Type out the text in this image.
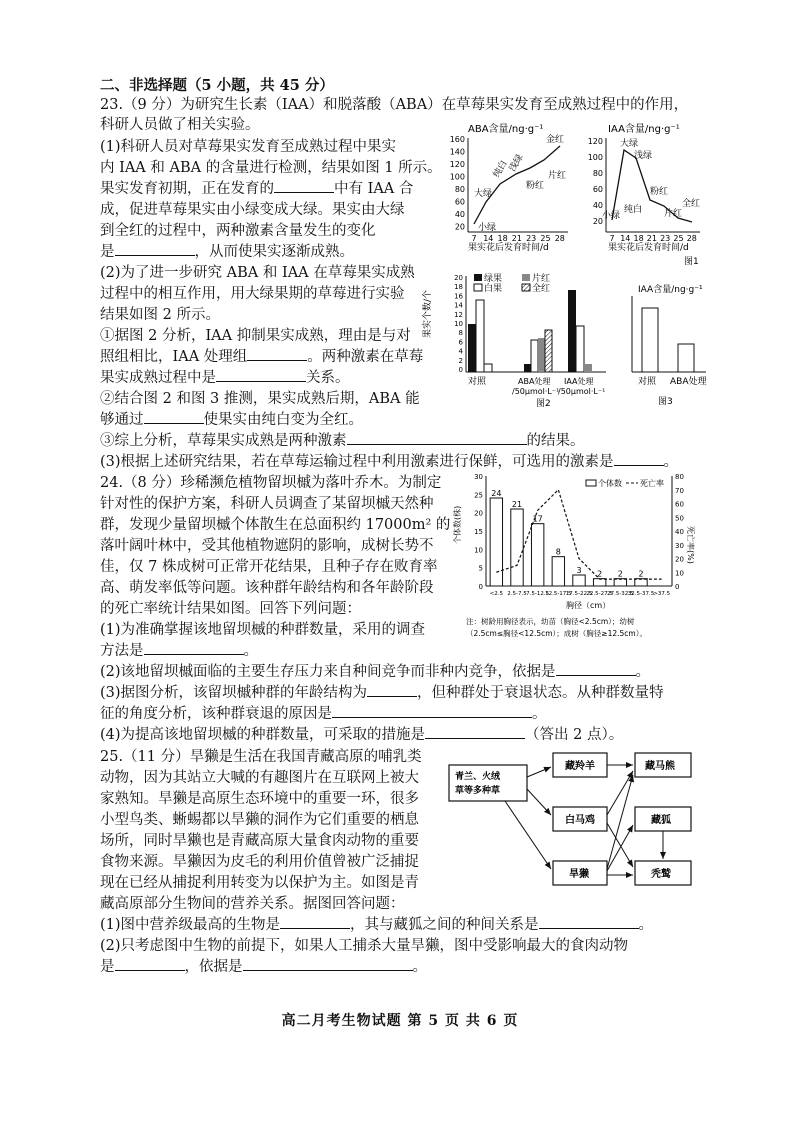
二、非选择题（5 小题，共 45 分）
23.（9 分）为研究生长素（IAA）和脱落酸（ABA）在草莓果实发育至成熟过程中的作用，
科研人员做了相关实验。
(1)科研人员对草莓果实发育至成熟过程中果实
内 IAA 和 ABA 的含量进行检测，结果如图 1 所示。
果实发育初期，正在发育的	中有 IAA 合
成，促进草莓果实由小绿变成大绿。果实由大绿
到全红的过程中，两种激素含量发生的变化
是	，从而使果实逐渐成熟。
(2)为了进一步研究 ABA 和 IAA 在草莓果实成熟
过程中的相互作用，用大绿果期的草莓进行实验
结果如图 2 所示。
①据图 2 分析，IAA 抑制果实成熟，理由是与对
照组相比，IAA 处理组	。两种激素在草莓
果实成熟过程中是	关系。
②结合图 2 和图 3 推测，果实成熟后期，ABA 能
够通过	使果实由纯白变为全红。
③综上分析，草莓果实成熟是两种激素	的结果。
(3)根据上述研究结果，若在草莓运输过程中利用激素进行保鲜，可选用的激素是	。
ABA含量/ng·g⁻¹
160
140
120
100
80
60
40
20
7 14 18 21 23 25 28
小绿
大绿
纯白
浅绿
粉红
片红
金红
果实花后发育时间/d
IAA含量/ng·g⁻¹
120
100
80
60
40
20
7 14 18 21 23 25 28
大绿
浅绿
小绿
纯白
粉红
片红
全红
果实花后发育时间/d
图1
果实个数/个
20
18
16
14
12
10
8
6
4
2
0
绿果
白果
片红
全红
对照	ABA处理
/50μmol·L⁻¹
IAA处理
/50μmol·L⁻¹
图2
IAA含量/ng·g⁻¹
对照 ABA处理
图3
24.（8 分）珍稀濒危植物留坝槭为落叶乔木。为制定
针对性的保护方案，科研人员调查了某留坝槭天然种
群，发现少量留坝槭个体散生在总面积约 17000m² 的
落叶阔叶林中，受其他植物遮阴的影响，成树长势不
佳，仅 7 株成树可正常开花结果，且种子存在败育率
高、萌发率低等问题。该种群年龄结构和各年龄阶段
的死亡率统计结果如图。回答下列问题：
(1)为准确掌握该地留坝槭的种群数量，采用的调查
方法是	。
(2)该地留坝槭面临的主要生存压力来自种间竞争而非种内竞争，依据是	。
(3)据图分析，该留坝槭种群的年龄结构为	，但种群处于衰退状态。从种群数量特
征的角度分析，该种群衰退的原因是	。
(4)为提高该地留坝槭的种群数量，可采取的措施是	（答出 2 点）。
个体数(株)
死亡率(%)
30
25
20
15
10
5
0
80
70
60
50
40
30
20
10
0
24
<2.5
21
2.5-7.5
17
7.5-12.5
8
12.5-17.5
3
17.5-22.5
2
22.5-27.5
2
27.5-32.5
2
32.5-37.5
>37.5
个体数 死亡率
胸径（cm）
注：树龄用胸径表示，幼苗（胸径<2.5cm）；幼树
（2.5cm≤胸径<12.5cm）；成树（胸径≥12.5cm）。
25.（11 分）旱獭是生活在我国青藏高原的哺乳类
动物，因为其站立大喊的有趣图片在互联网上被大
家熟知。旱獭是高原生态环境中的重要一环，很多
小型鸟类、蜥蜴都以旱獭的洞作为它们重要的栖息
场所，同时旱獭也是青藏高原大量食肉动物的重要
食物来源。旱獭因为皮毛的利用价值曾被广泛捕捉
现在已经从捕捉利用转变为以保护为主。如图是青
藏高原部分生物间的营养关系。据图回答问题：
(1)图中营养级最高的生物是	，其与藏狐之间的种间关系是	。
(2)只考虑图中生物的前提下，如果人工捕杀大量旱獭，图中受影响最大的食肉动物
是	，依据是	。
青兰、火绒
草等多种草
藏羚羊
白马鸡
旱獭
藏马熊
藏狐
秃鹫
高二月考生物试题 第 5 页 共 6 页
